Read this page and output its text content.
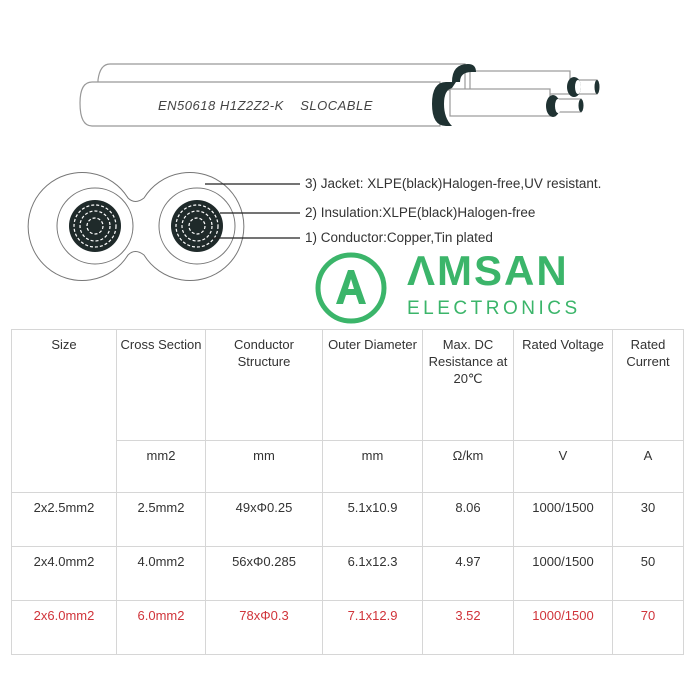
EN50618 H1Z2Z2-K    SLOCABLE
3) Jacket: XLPE(black)Halogen-free,UV resistant.
2) Insulation:XLPE(black)Halogen-free
1) Conductor:Copper,Tin plated
ΛMSAN
ELECTRONICS
Size	Cross Section	Conductor Structure	Outer Diameter	Max. DC Resistance at 20℃	Rated Voltage	Rated Current
	mm2	mm	mm	Ω/km	V	A
2x2.5mm2	2.5mm2	49xΦ0.25	5.1x10.9	8.06	1000/1500	30
2x4.0mm2	4.0mm2	56xΦ0.285	6.1x12.3	4.97	1000/1500	50
2x6.0mm2	6.0mm2	78xΦ0.3	7.1x12.9	3.52	1000/1500	70
